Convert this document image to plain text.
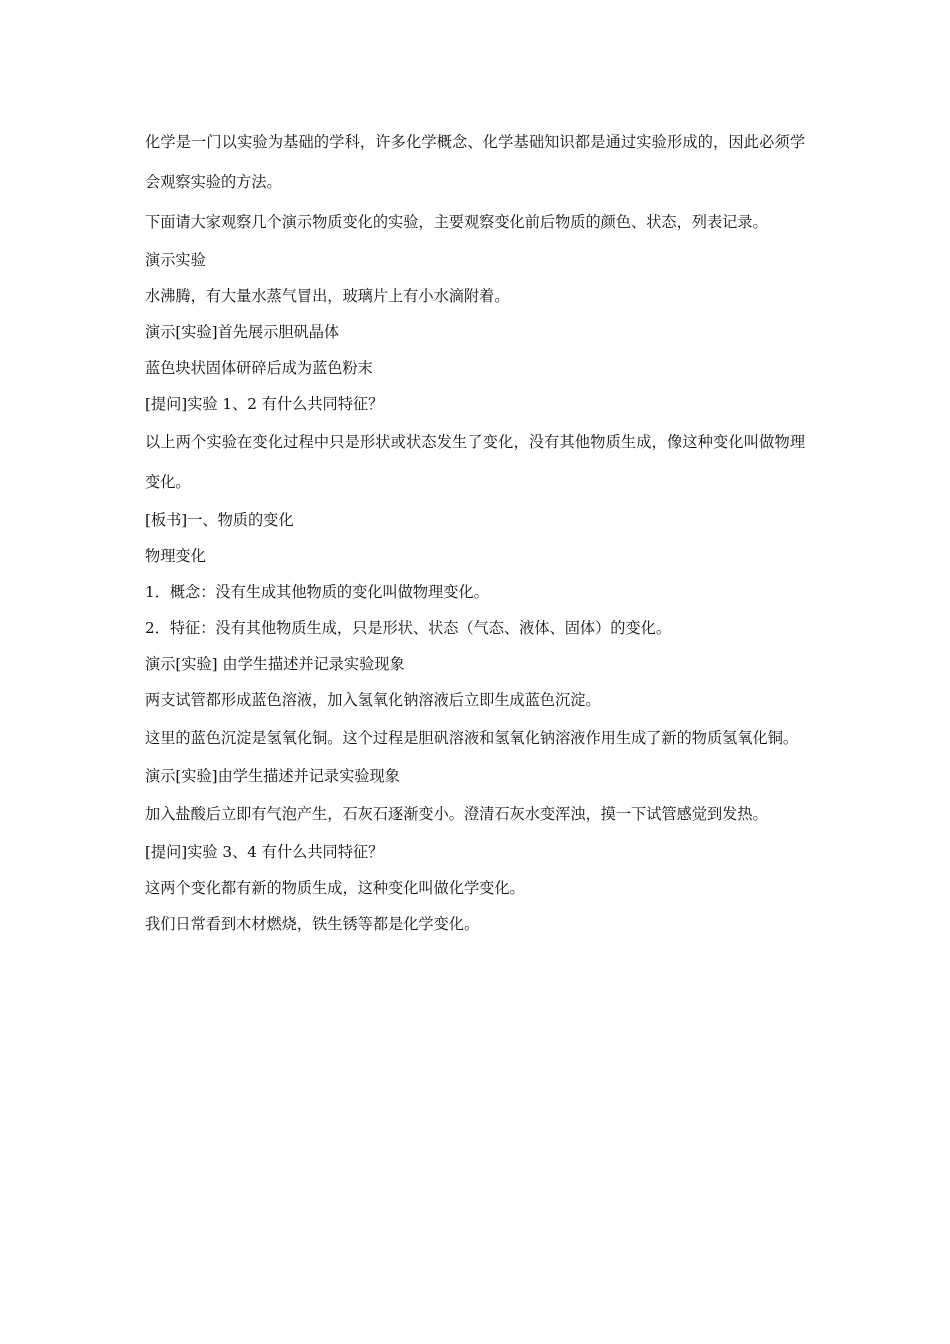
化学是一门以实验为基础的学科，许多化学概念、化学基础知识都是通过实验形成的，因此必须学会观察实验的方法。

下面请大家观察几个演示物质变化的实验，主要观察变化前后物质的颜色、状态，列表记录。

演示实验

水沸腾，有大量水蒸气冒出，玻璃片上有小水滴附着。

演示[实验]首先展示胆矾晶体

蓝色块状固体研碎后成为蓝色粉末

[提问]实验 1、2 有什么共同特征？

以上两个实验在变化过程中只是形状或状态发生了变化，没有其他物质生成，像这种变化叫做物理变化。

[板书]一、物质的变化

物理变化

1．概念：没有生成其他物质的变化叫做物理变化。

2．特征：没有其他物质生成，只是形状、状态（气态、液体、固体）的变化。

演示[实验] 由学生描述并记录实验现象

两支试管都形成蓝色溶液，加入氢氧化钠溶液后立即生成蓝色沉淀。

这里的蓝色沉淀是氢氧化铜。这个过程是胆矾溶液和氢氧化钠溶液作用生成了新的物质氢氧化铜。

演示[实验]由学生描述并记录实验现象

加入盐酸后立即有气泡产生，石灰石逐渐变小。澄清石灰水变浑浊，摸一下试管感觉到发热。

[提问]实验 3、4 有什么共同特征？

这两个变化都有新的物质生成，这种变化叫做化学变化。

我们日常看到木材燃烧，铁生锈等都是化学变化。
